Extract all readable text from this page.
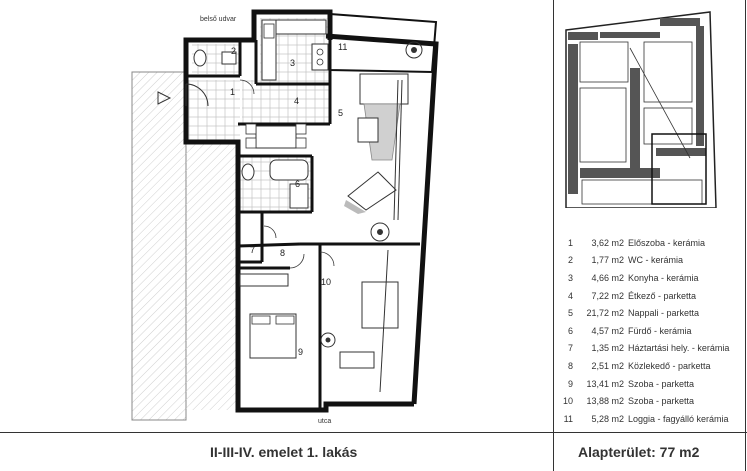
belső udvar
utca
1
2
3
4
5
6
7	8
9
10
11
1	3,62 m2 Előszoba - kerámia
2	1,77 m2 WC - kerámia
3	4,66 m2 Konyha - kerámia
4	7,22 m2 Étkező - parketta
5	21,72 m2 Nappali - parketta
6	4,57 m2 Fürdő - kerámia
7	1,35 m2 Háztartási hely. - kerámia
8	2,51 m2 Közlekedő - parketta
9	13,41 m2 Szoba - parketta
10	13,88 m2 Szoba - parketta
11	5,28 m2 Loggia - fagyálló kerámia
II-III-IV. emelet 1. lakás	Alapterület: 77 m2
